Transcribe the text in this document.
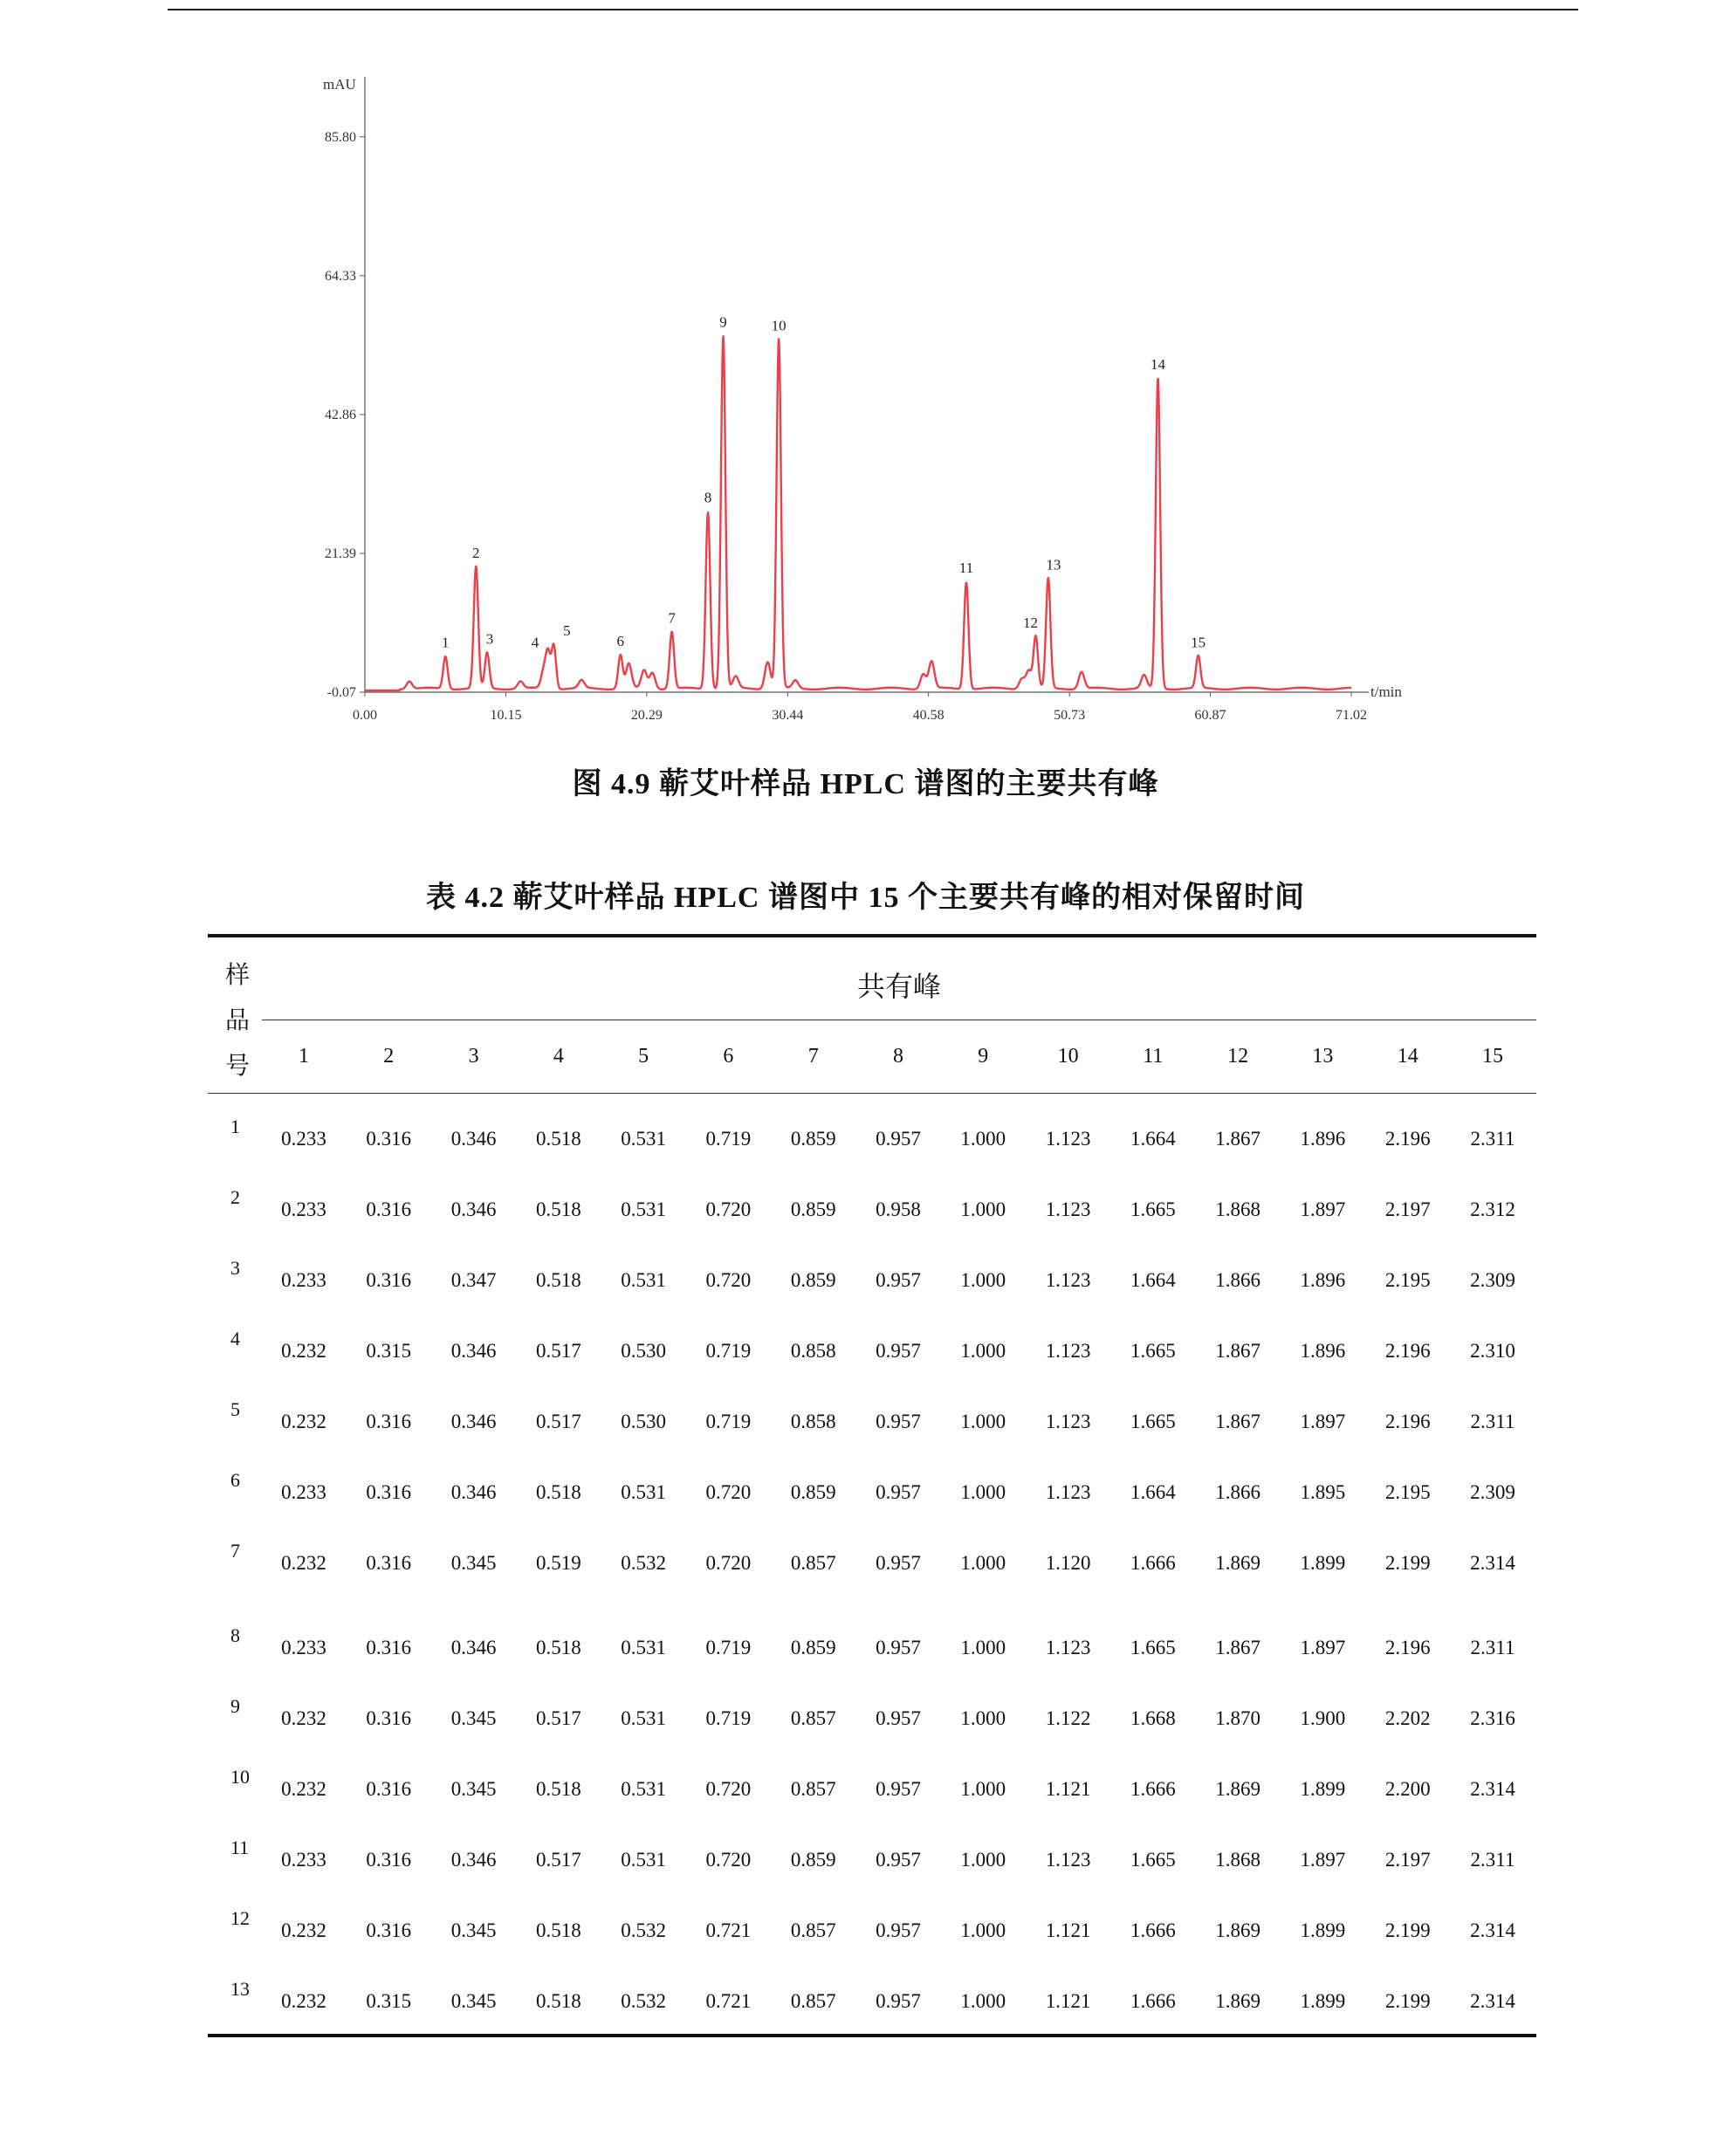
mAU
t/min
85.80
64.33
42.86
21.39
-0.07
0.00	10.15	20.29	30.44	40.58	50.73	60.87	71.02
1
2
3	4
5
6
7
8
9	10
11
12
13
14
15
图 4.9 蕲艾叶样品 HPLC 谱图的主要共有峰
表 4.2 蕲艾叶样品 HPLC 谱图中 15 个主要共有峰的相对保留时间
样
品
号
共有峰
1	2	3	4	5	6	7	8	9	10	11	12	13	14	15
1
0.233 0.316 0.346 0.518 0.531 0.719 0.859 0.957 1.000 1.123 1.664 1.867 1.896 2.196 2.311
2
0.233 0.316 0.346 0.518 0.531 0.720 0.859 0.958 1.000 1.123 1.665 1.868 1.897 2.197 2.312
3
0.233 0.316 0.347 0.518 0.531 0.720 0.859 0.957 1.000 1.123 1.664 1.866 1.896 2.195 2.309
4
0.232 0.315 0.346 0.517 0.530 0.719 0.858 0.957 1.000 1.123 1.665 1.867 1.896 2.196 2.310
5
0.232 0.316 0.346 0.517 0.530 0.719 0.858 0.957 1.000 1.123 1.665 1.867 1.897 2.196 2.311
6
0.233 0.316 0.346 0.518 0.531 0.720 0.859 0.957 1.000 1.123 1.664 1.866 1.895 2.195 2.309
7
0.232 0.316 0.345 0.519 0.532 0.720 0.857 0.957 1.000 1.120 1.666 1.869 1.899 2.199 2.314
8
0.233 0.316 0.346 0.518 0.531 0.719 0.859 0.957 1.000 1.123 1.665 1.867 1.897 2.196 2.311
9
0.232 0.316 0.345 0.517 0.531 0.719 0.857 0.957 1.000 1.122 1.668 1.870 1.900 2.202 2.316
10
0.232 0.316 0.345 0.518 0.531 0.720 0.857 0.957 1.000 1.121 1.666 1.869 1.899 2.200 2.314
11
0.233 0.316 0.346 0.517 0.531 0.720 0.859 0.957 1.000 1.123 1.665 1.868 1.897 2.197 2.311
12
0.232 0.316 0.345 0.518 0.532 0.721 0.857 0.957 1.000 1.121 1.666 1.869 1.899 2.199 2.314
13
0.232 0.315 0.345 0.518 0.532 0.721 0.857 0.957 1.000 1.121 1.666 1.869 1.899 2.199 2.314
